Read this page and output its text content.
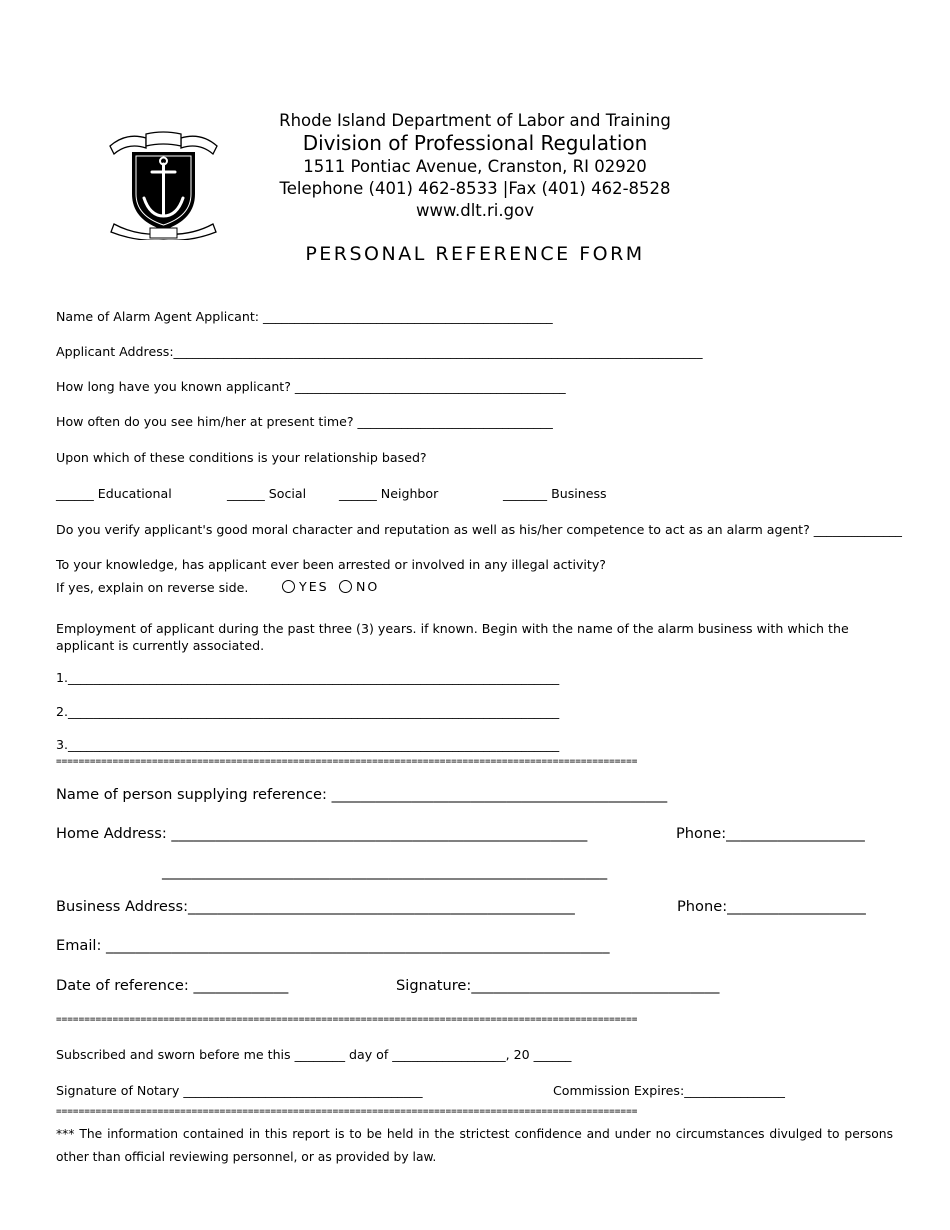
Rhode Island Department of Labor and Training
Division of Professional Regulation
1511 Pontiac Avenue, Cranston, RI 02920
Telephone (401) 462-8533 |Fax (401) 462-8528
www.dlt.ri.gov
PERSONAL REFERENCE FORM
Name of Alarm Agent Applicant: ______________________________________________
Applicant Address:____________________________________________________________________________________
How long have you known applicant? ___________________________________________
How often do you see him/her at present time? _______________________________
Upon which of these conditions is your relationship based?
______ Educational	______ Social	______ Neighbor	_______ Business
Do you verify applicant's good moral character and reputation as well as his/her competence to act as an alarm agent? ______________
To your knowledge, has applicant ever been arrested or involved in any illegal activity?
If yes, explain on reverse side.	YES	NO
Employment of applicant during the past three (3) years. if known. Begin with the name of the alarm business with which the applicant is currently associated.
1.______________________________________________________________________________
2.______________________________________________________________________________
3.______________________________________________________________________________
=======================================================================================================
Name of person supplying reference: ______________________________________________
Home Address: _________________________________________________________	Phone:___________________
_____________________________________________________________
Business Address:_____________________________________________________	Phone:___________________
Email: _____________________________________________________________________
Date of reference: _____________	Signature:__________________________________
=======================================================================================================
Subscribed and sworn before me this ________ day of __________________, 20 ______
Signature of Notary ______________________________________	Commission Expires:________________
=======================================================================================================
*** The information contained in this report is to be held in the strictest confidence and under no circumstances divulged to persons other than official reviewing personnel, or as provided by law.
